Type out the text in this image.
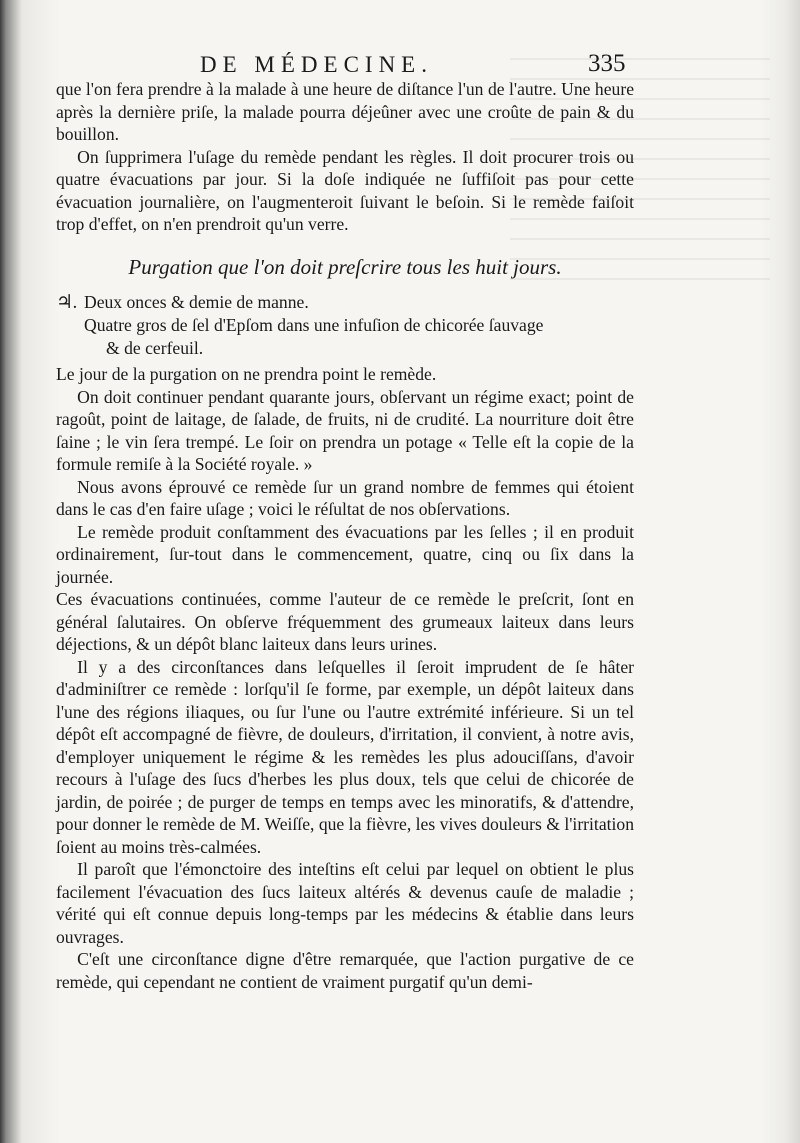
DE MÉDECINE.	335

que l'on fera prendre à la malade à une heure de diſtance l'un de l'autre. Une heure après la dernière priſe, la malade pourra déjeûner avec une croûte de pain & du bouillon.

On ſupprimera l'uſage du remède pendant les règles. Il doit procurer trois ou quatre évacuations par jour. Si la doſe indiquée ne ſuffiſoit pas pour cette évacuation journalière, on l'augmenteroit ſuivant le beſoin. Si le remède faiſoit trop d'effet, on n'en prendroit qu'un verre.

Purgation que l'on doit preſcrire tous les huit jours.
♃. Deux onces & demie de manne.
Quatre gros de ſel d'Epſom dans une infuſion de chicorée ſauvage
& de cerfeuil.

Le jour de la purgation on ne prendra point le remède.

On doit continuer pendant quarante jours, obſervant un régime exact; point de ragoût, point de laitage, de ſalade, de fruits, ni de crudité. La nourriture doit être ſaine ; le vin ſera trempé. Le ſoir on prendra un potage « Telle eſt la copie de la formule remiſe à la Société royale. »

Nous avons éprouvé ce remède ſur un grand nombre de femmes qui étoient dans le cas d'en faire uſage ; voici le réſultat de nos obſervations.

Le remède produit conſtamment des évacuations par les ſelles ; il en produit ordinairement, ſur-tout dans le commencement, quatre, cinq ou ſix dans la journée.

Ces évacuations continuées, comme l'auteur de ce remède le preſcrit, ſont en général ſalutaires. On obſerve fréquemment des grumeaux laiteux dans leurs déjections, & un dépôt blanc laiteux dans leurs urines.

Il y a des circonſtances dans leſquelles il ſeroit imprudent de ſe hâter d'adminiſtrer ce remède : lorſqu'il ſe forme, par exemple, un dépôt laiteux dans l'une des régions iliaques, ou ſur l'une ou l'autre extrémité inférieure. Si un tel dépôt eſt accompagné de fièvre, de douleurs, d'irritation, il convient, à notre avis, d'employer uniquement le régime & les remèdes les plus adouciſſans, d'avoir recours à l'uſage des ſucs d'herbes les plus doux, tels que celui de chicorée de jardin, de poirée ; de purger de temps en temps avec les minoratifs, & d'attendre, pour donner le remède de M. Weiſſe, que la fièvre, les vives douleurs & l'irritation ſoient au moins très-calmées.

Il paroît que l'émonctoire des inteſtins eſt celui par lequel on obtient le plus facilement l'évacuation des ſucs laiteux altérés & devenus cauſe de maladie ; vérité qui eſt connue depuis long-temps par les médecins & établie dans leurs ouvrages.

C'eſt une circonſtance digne d'être remarquée, que l'action purgative de ce remède, qui cependant ne contient de vraiment purgatif qu'un demi-
